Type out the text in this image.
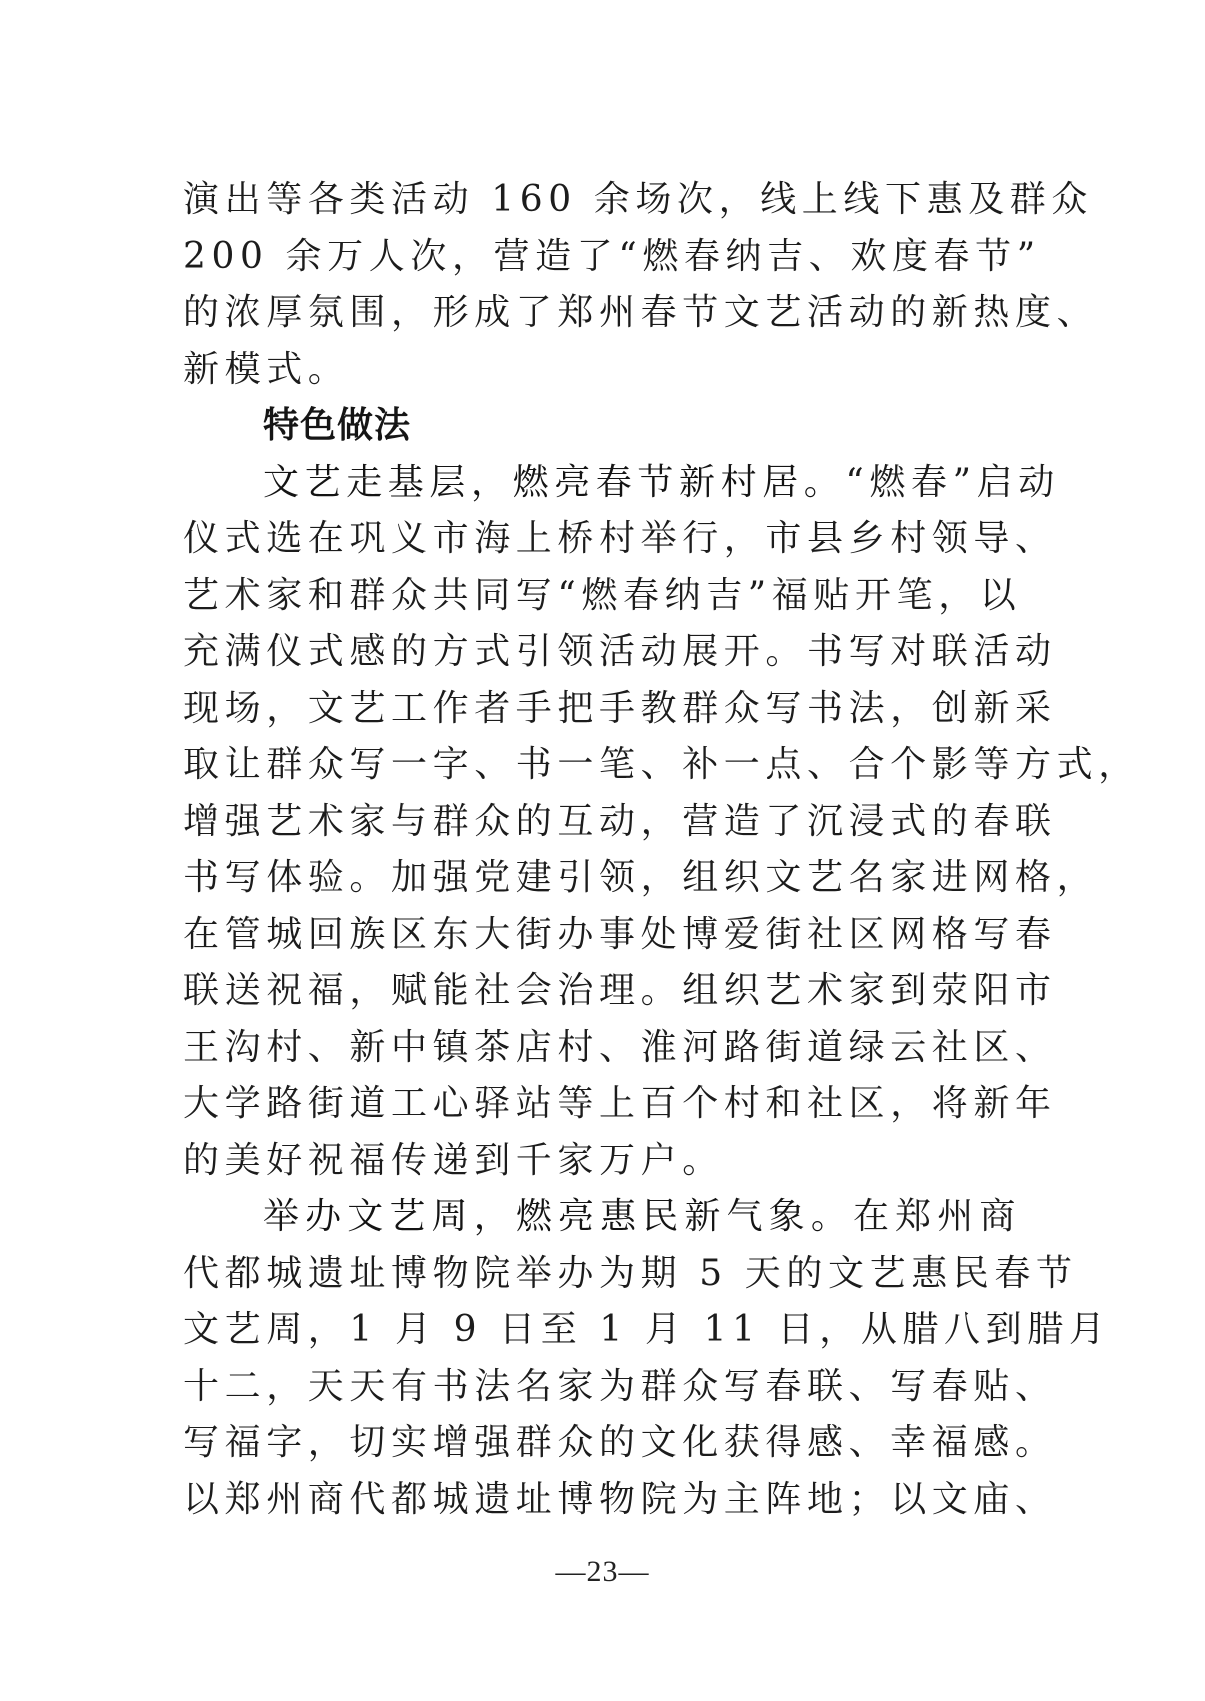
演出等各类活动 160 余场次，线上线下惠及群众
200 余万人次，营造了“燃春纳吉、欢度春节”
的浓厚氛围，形成了郑州春节文艺活动的新热度、
新模式。
特色做法
文艺走基层，燃亮春节新村居。“燃春”启动
仪式选在巩义市海上桥村举行，市县乡村领导、
艺术家和群众共同写“燃春纳吉”福贴开笔，以
充满仪式感的方式引领活动展开。书写对联活动
现场，文艺工作者手把手教群众写书法，创新采
取让群众写一字、书一笔、补一点、合个影等方式，
增强艺术家与群众的互动，营造了沉浸式的春联
书写体验。加强党建引领，组织文艺名家进网格，
在管城回族区东大街办事处博爱街社区网格写春
联送祝福，赋能社会治理。组织艺术家到荥阳市
王沟村、新中镇茶店村、淮河路街道绿云社区、
大学路街道工心驿站等上百个村和社区，将新年
的美好祝福传递到千家万户。
举办文艺周，燃亮惠民新气象。在郑州商
代都城遗址博物院举办为期 5 天的文艺惠民春节
文艺周，1 月 9 日至 1 月 11 日，从腊八到腊月
十二，天天有书法名家为群众写春联、写春贴、
写福字，切实增强群众的文化获得感、幸福感。
以郑州商代都城遗址博物院为主阵地；以文庙、
—23—
